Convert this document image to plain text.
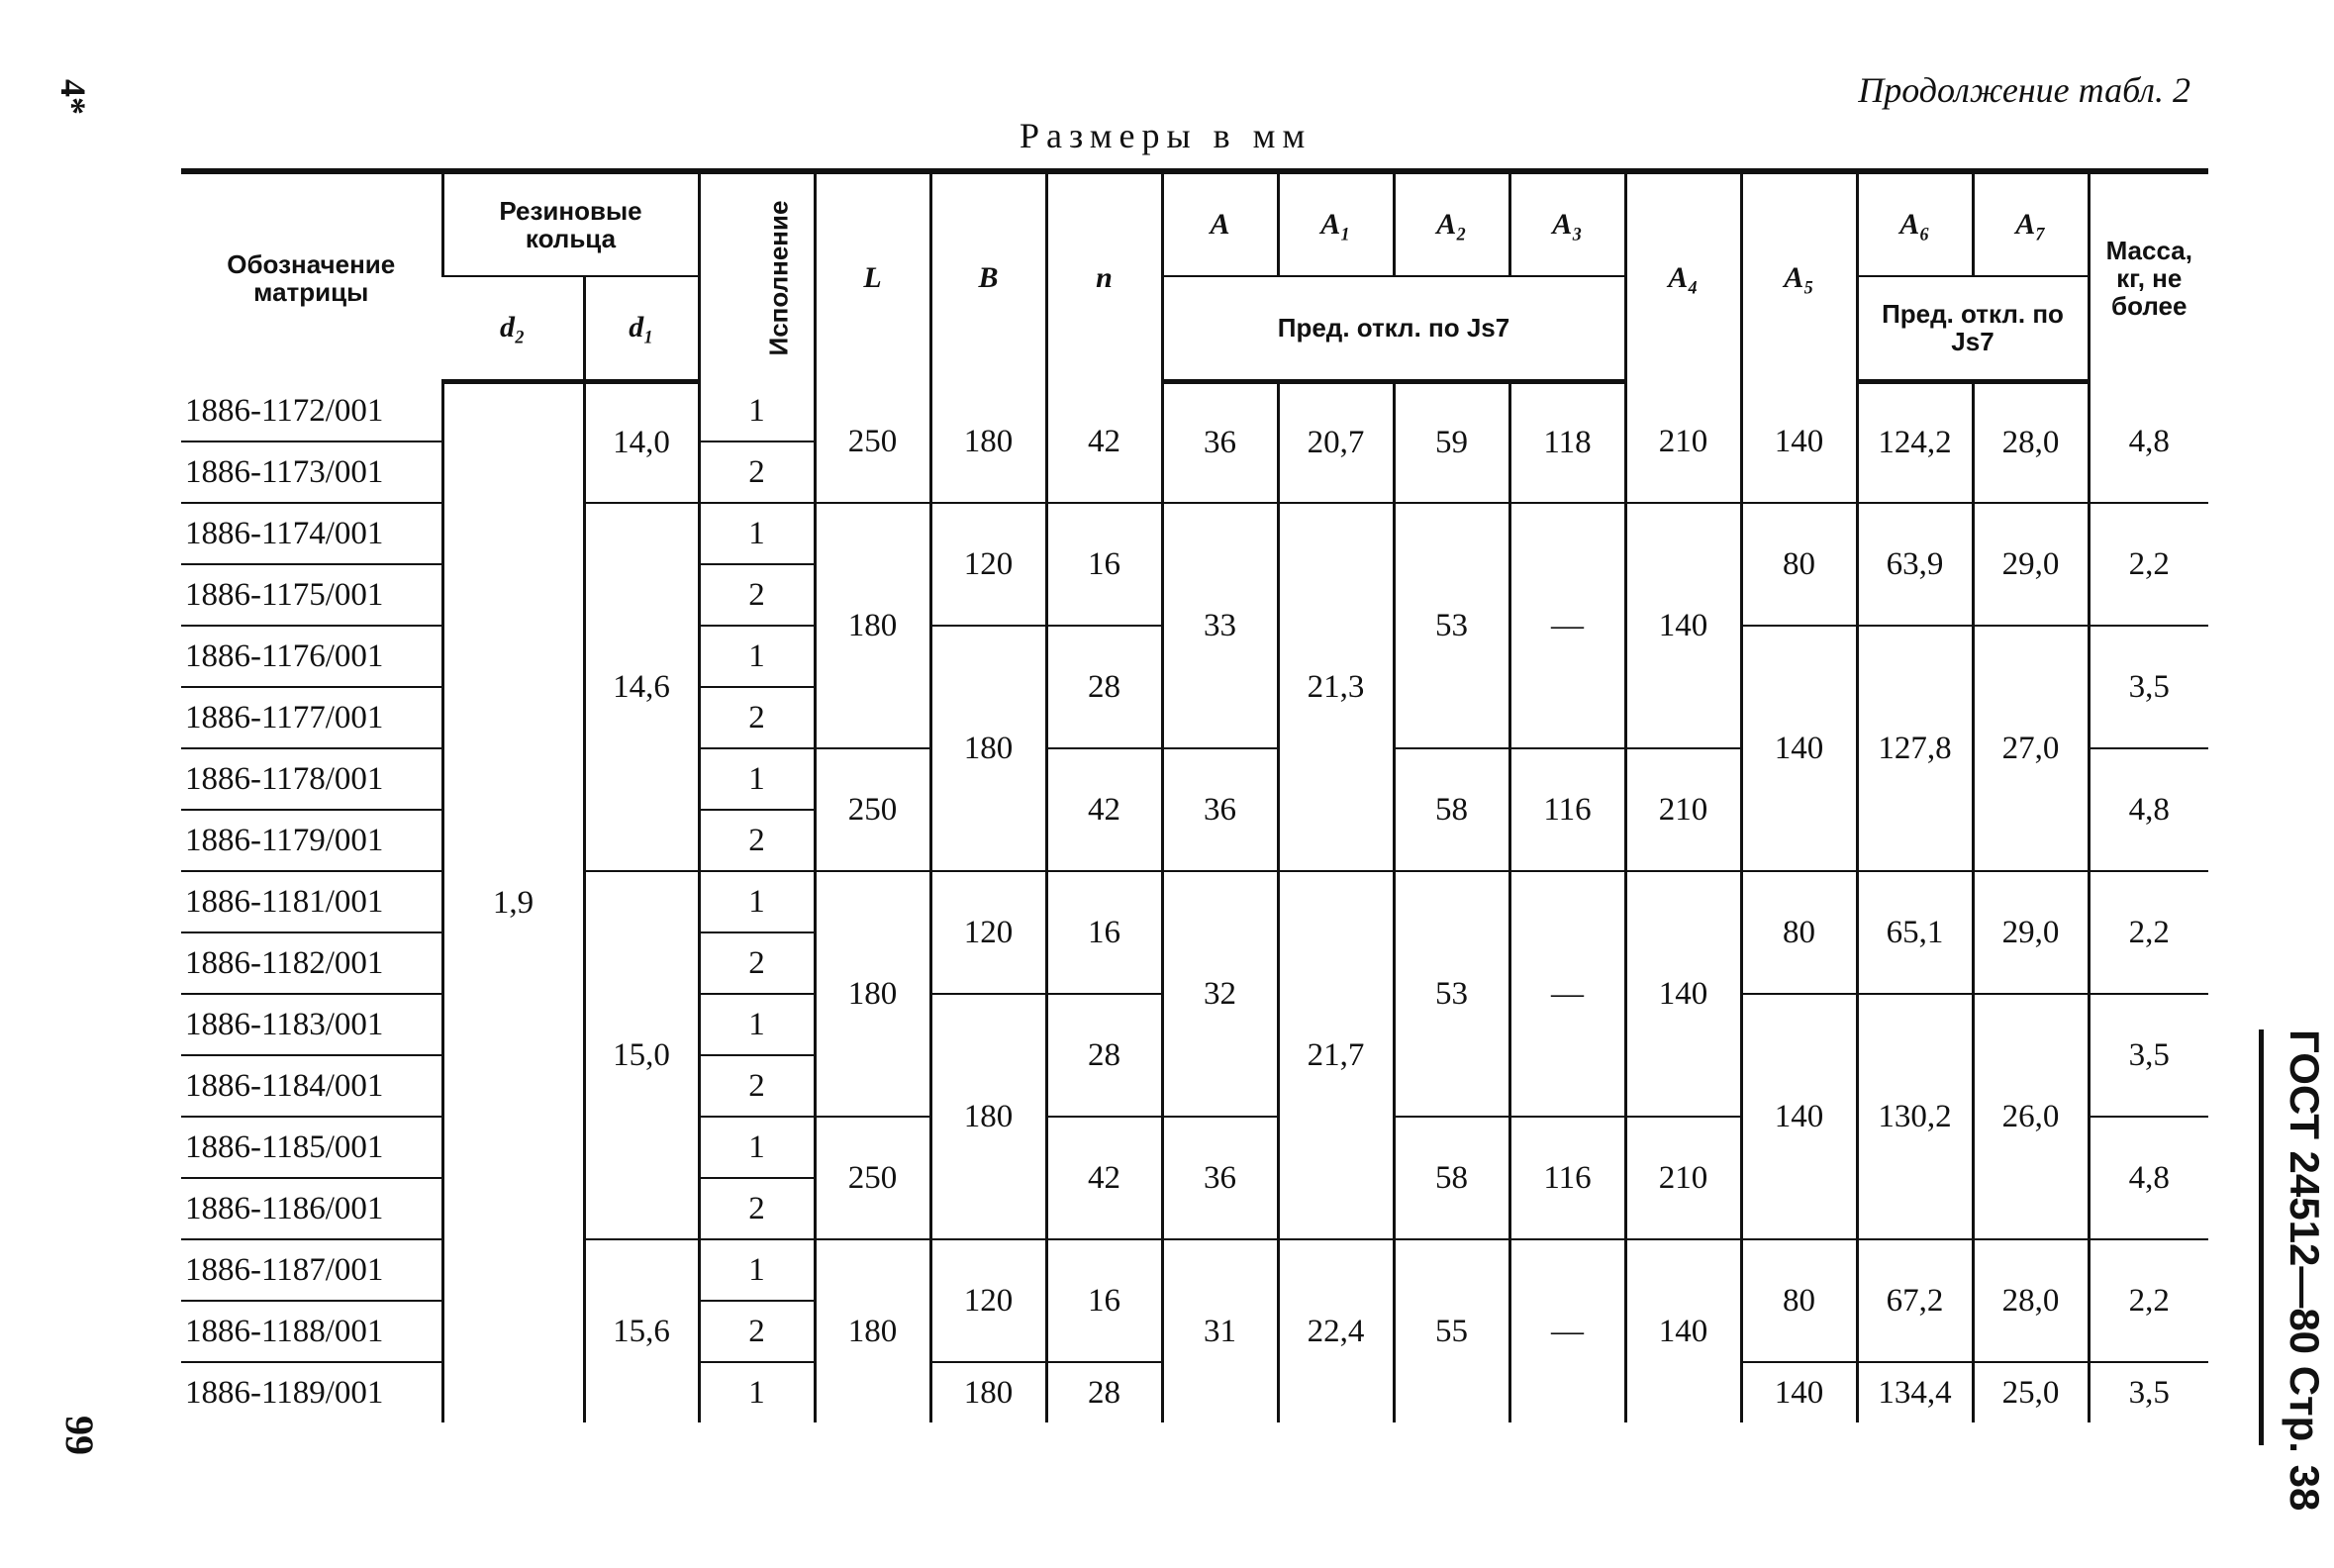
4*
99
Продолжение табл. 2
Размеры в мм
ГОСТ 24512—80 Стр. 38
Обозначение матрицы	Резиновые кольца		Исполнение	L	B	n	A	A₁	A₂	A₃	A₄	A₅	A₆	A₇	Масса, кг, не более
	d₂	d₁					Пред. откл. по Js7						Пред. откл. по Js7		
1886-1172/001	1,9	14,0	1	250	180	42	36	20,7	59	118	210	140	124,2	28,0	4,8
1886-1173/001			2												
1886-1174/001		14,6	1	180	120	16	33	21,3	53	—	140	80	63,9	29,0	2,2
1886-1175/001			2												
1886-1176/001			1		180	28						140	127,8	27,0	3,5
1886-1177/001			2												
1886-1178/001			1	250		42	36		58	116	210				4,8
1886-1179/001			2												
1886-1181/001		15,0	1	180	120	16	32	21,7	53	—	140	80	65,1	29,0	2,2
1886-1182/001			2												
1886-1183/001			1		180	28						140	130,2	26,0	3,5
1886-1184/001			2												
1886-1185/001			1	250		42	36		58	116	210				4,8
1886-1186/001			2												
1886-1187/001		15,6	1	180	120	16	31	22,4	55	—	140	80	67,2	28,0	2,2
1886-1188/001			2												
1886-1189/001			1		180	28						140	134,4	25,0	3,5
